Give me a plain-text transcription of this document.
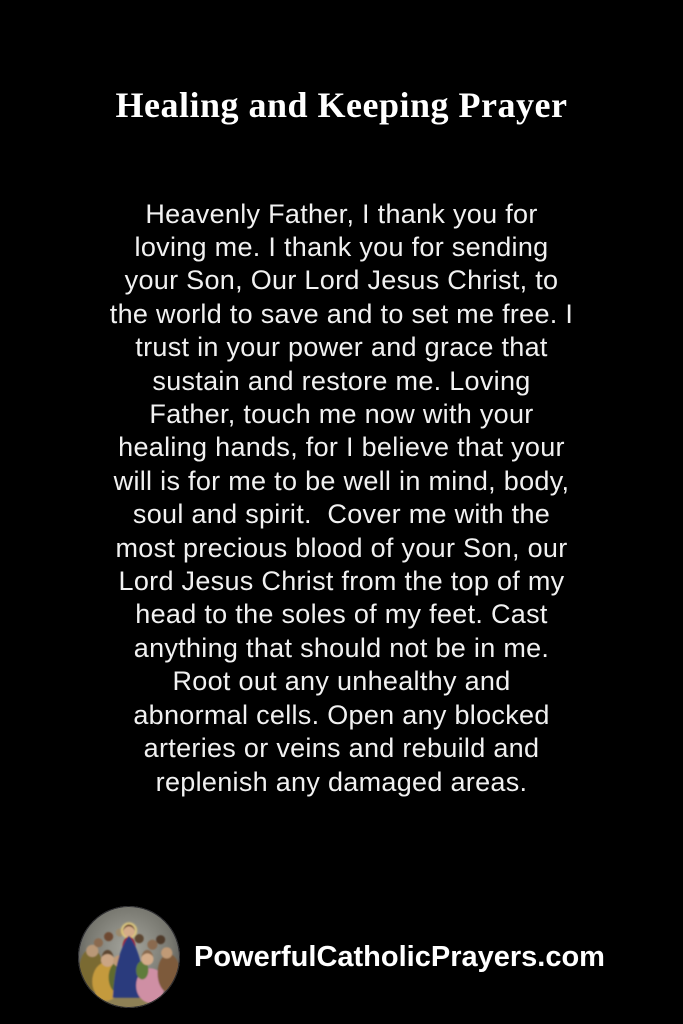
Healing and Keeping Prayer
Heavenly Father, I thank you for
loving me. I thank you for sending
your Son, Our Lord Jesus Christ, to
the world to save and to set me free. I
trust in your power and grace that
sustain and restore me. Loving
Father, touch me now with your
healing hands, for I believe that your
will is for me to be well in mind, body,
soul and spirit.  Cover me with the
most precious blood of your Son, our
Lord Jesus Christ from the top of my
head to the soles of my feet. Cast
anything that should not be in me.
Root out any unhealthy and
abnormal cells. Open any blocked
arteries or veins and rebuild and
replenish any damaged areas.
PowerfulCatholicPrayers.com
